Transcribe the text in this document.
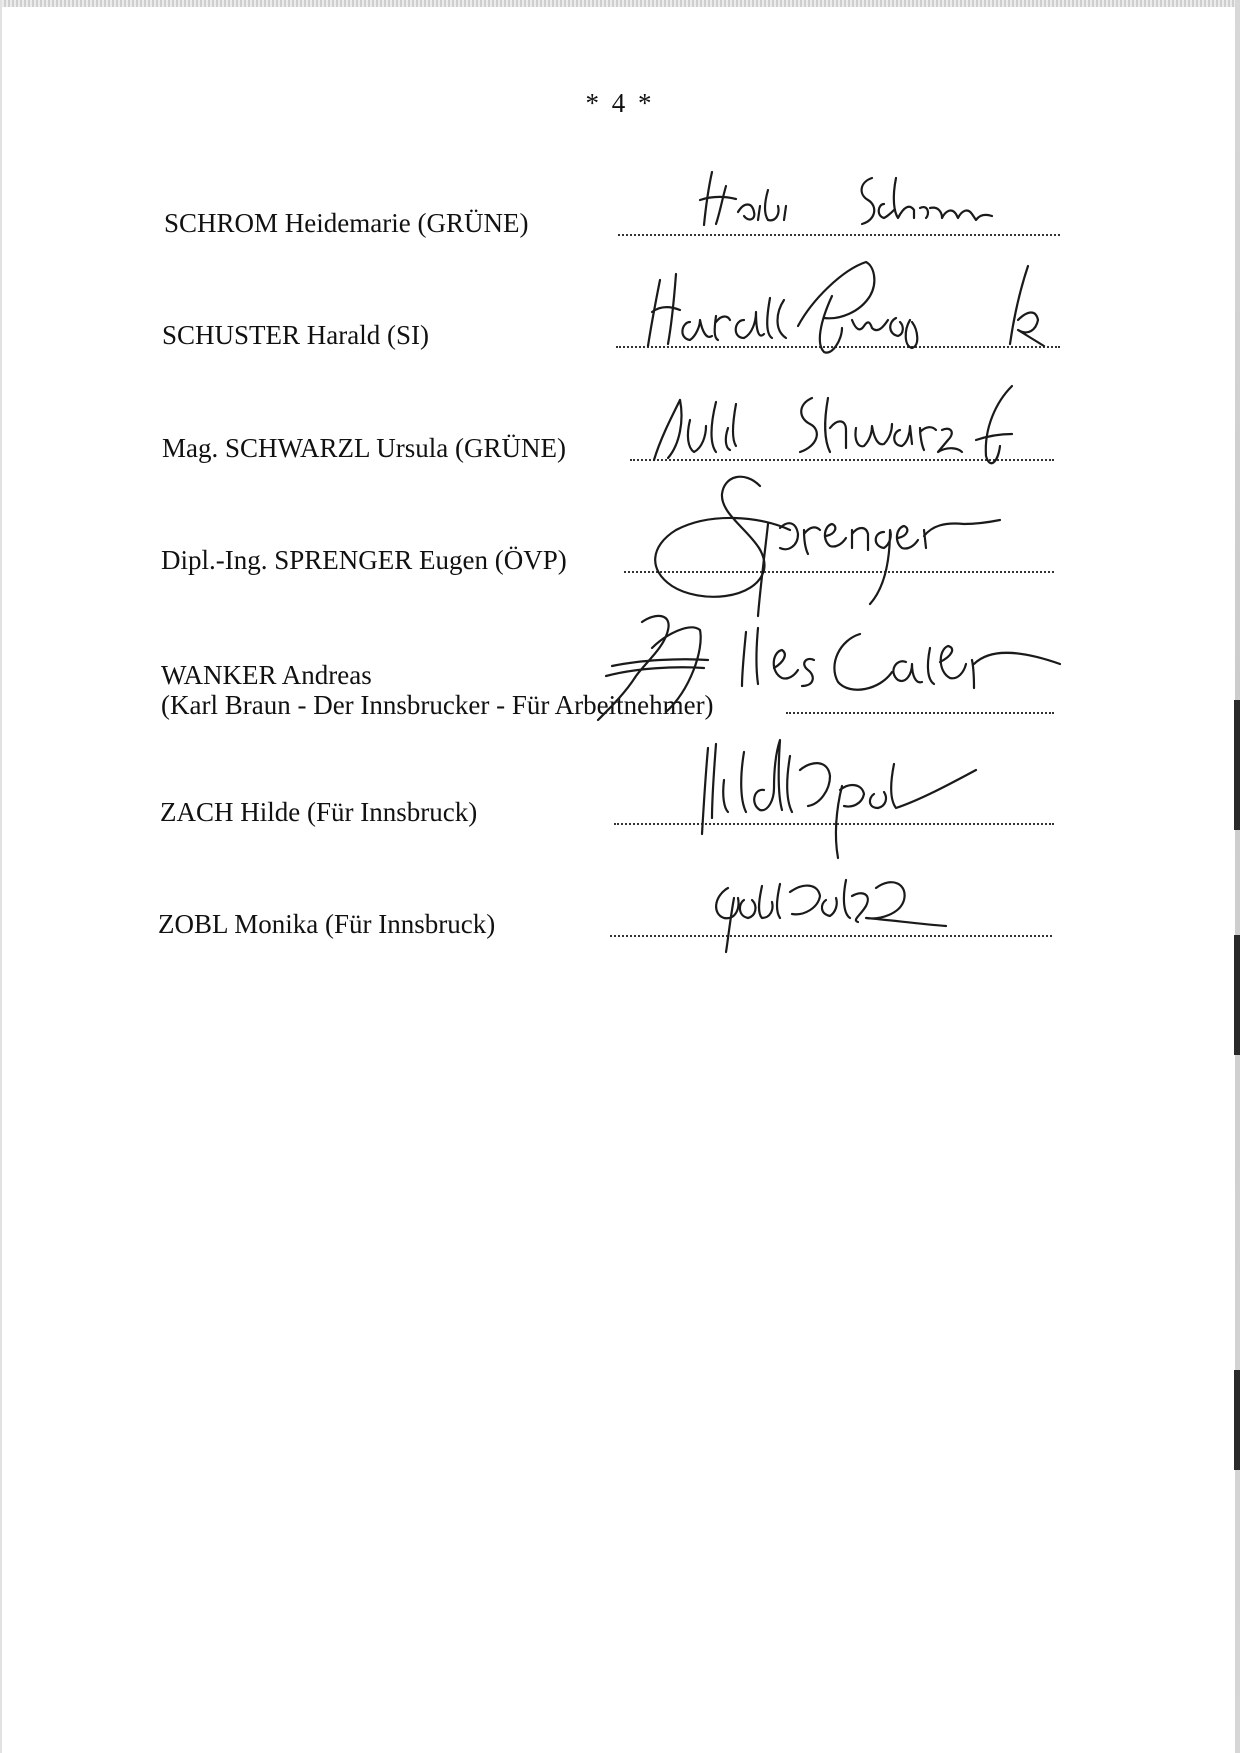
* 4 *
SCHROM Heidemarie (GRÜNE)
SCHUSTER Harald (SI)
Mag. SCHWARZL Ursula (GRÜNE)
Dipl.-Ing. SPRENGER Eugen (ÖVP)
WANKER Andreas
(Karl Braun - Der Innsbrucker - Für Arbeitnehmer)
ZACH Hilde (Für Innsbruck)
ZOBL Monika (Für Innsbruck)
